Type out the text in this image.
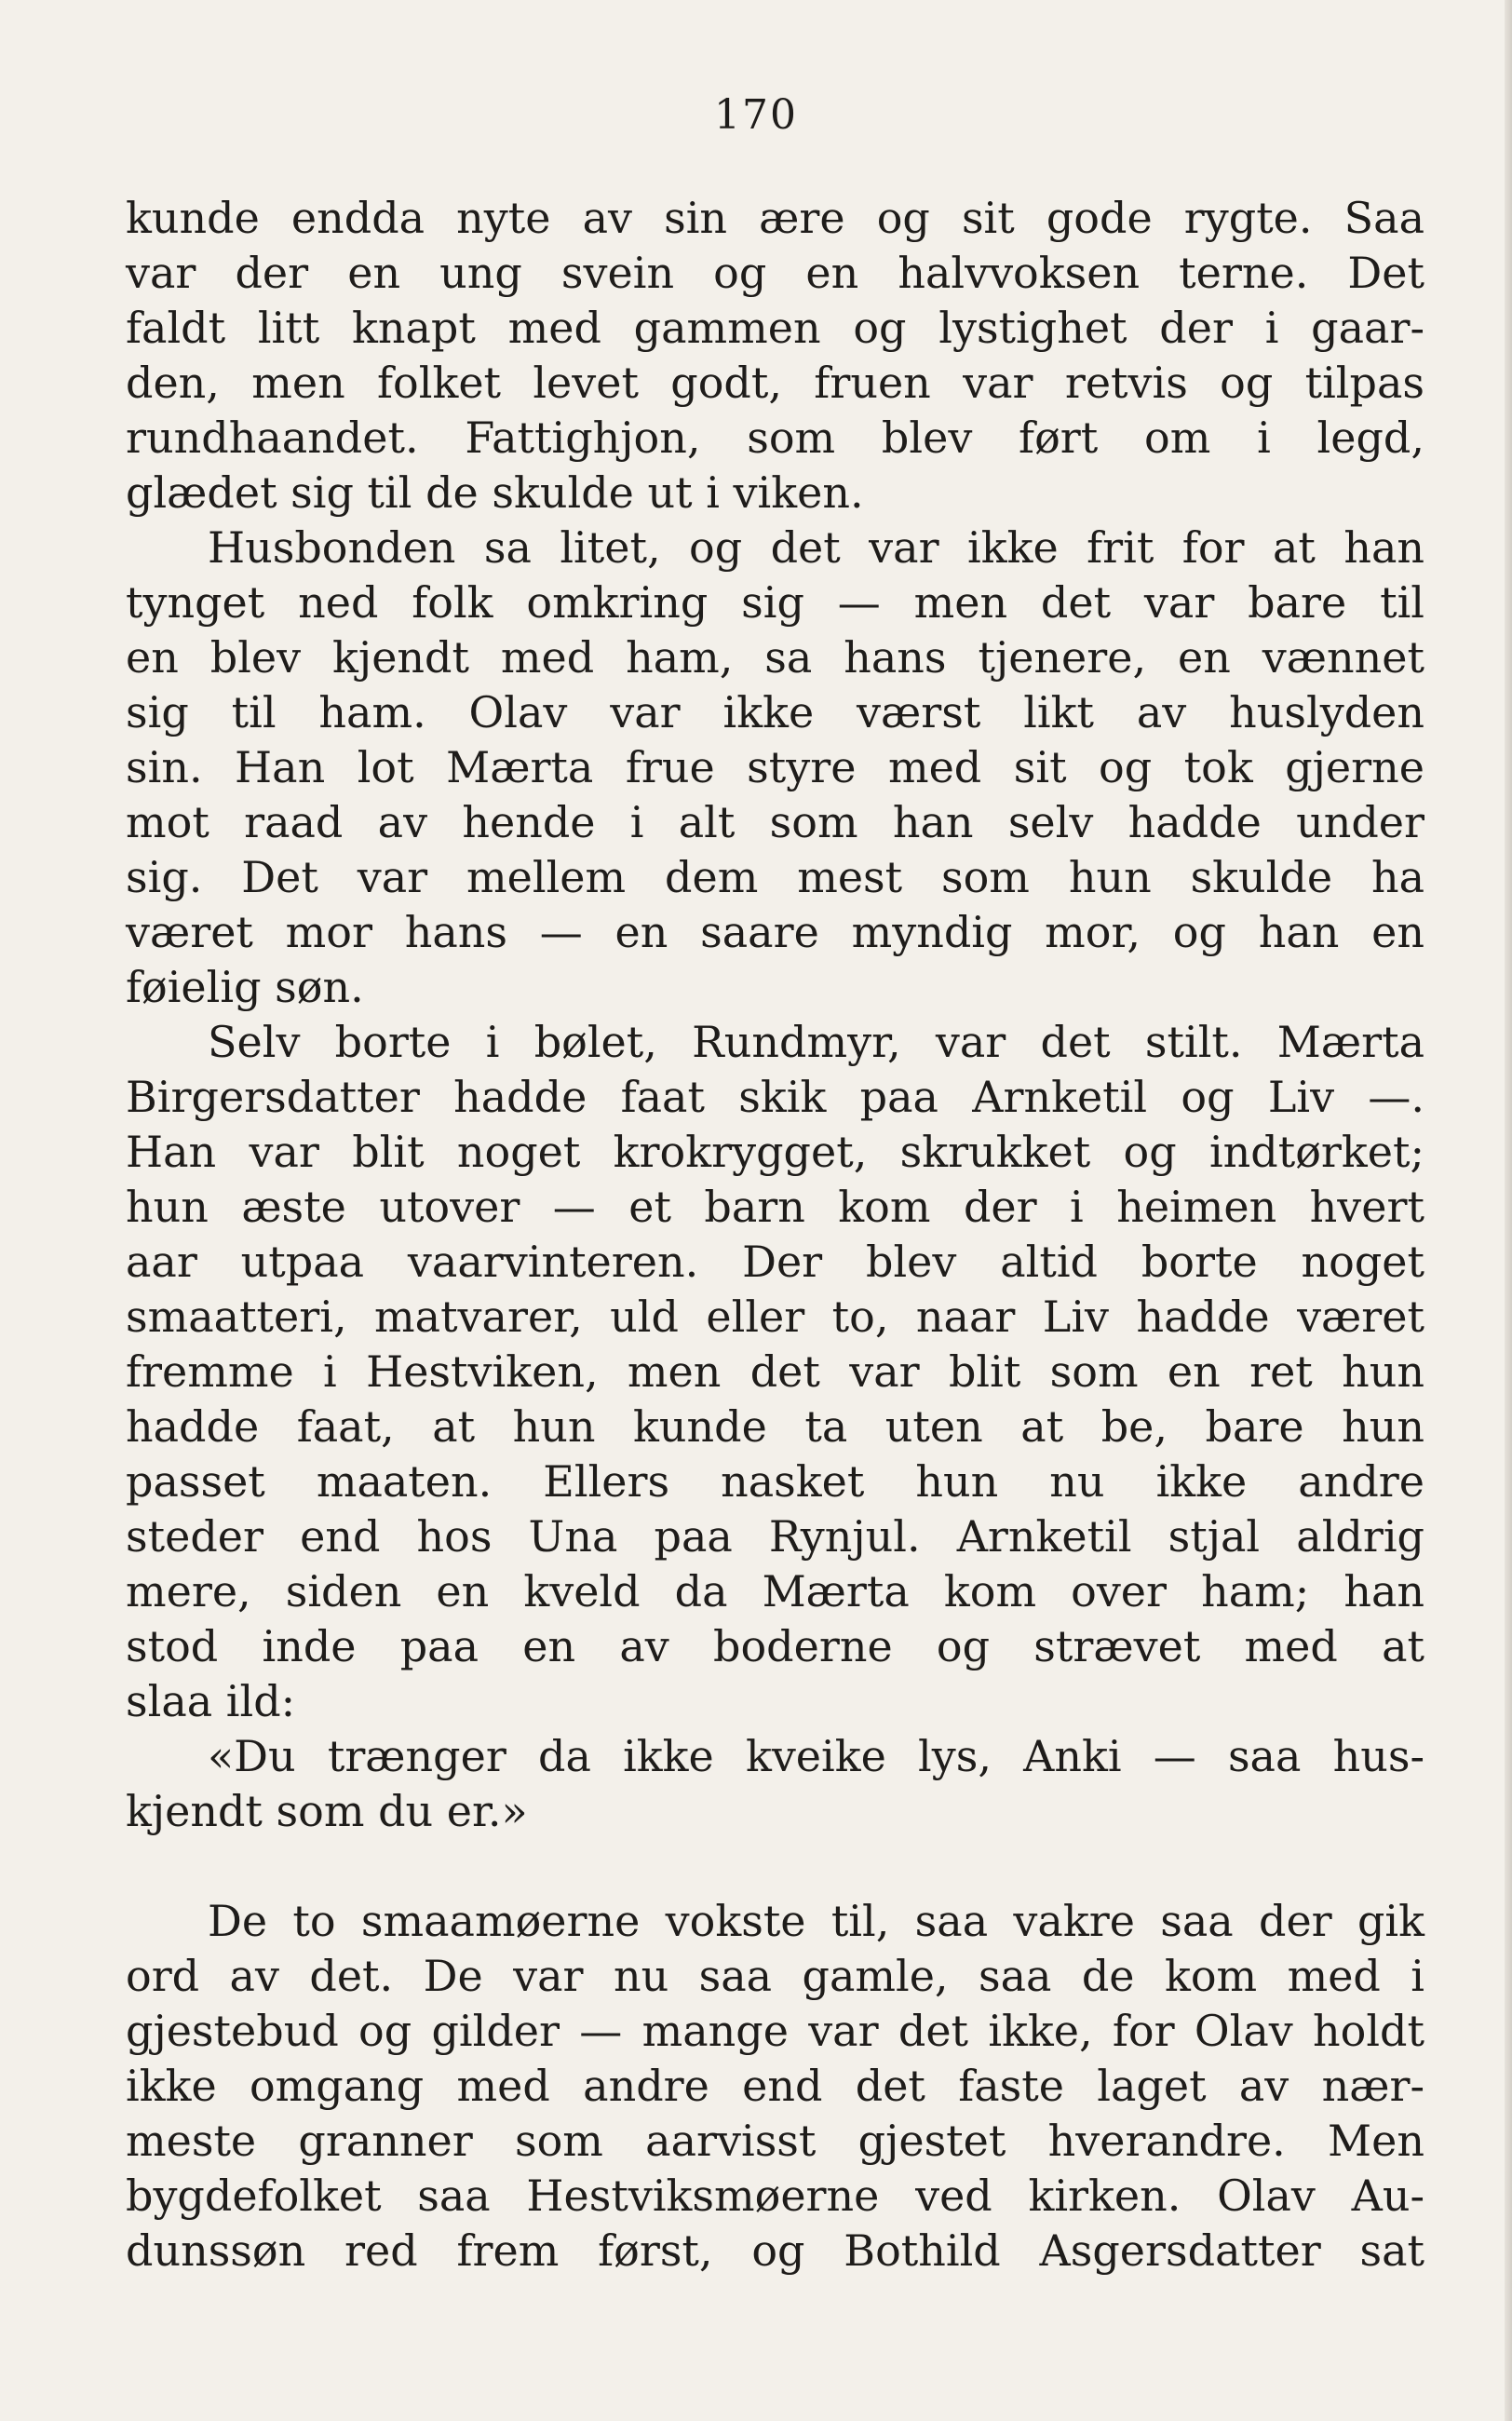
170
kunde endda nyte av sin ære og sit gode rygte. Saa
var der en ung svein og en halvvoksen terne. Det
faldt litt knapt med gammen og lystighet der i gaar-
den, men folket levet godt, fruen var retvis og tilpas
rundhaandet. Fattighjon, som blev ført om i legd,
glædet sig til de skulde ut i viken.
Husbonden sa litet, og det var ikke frit for at han
tynget ned folk omkring sig — men det var bare til
en blev kjendt med ham, sa hans tjenere, en vænnet
sig til ham. Olav var ikke værst likt av huslyden
sin. Han lot Mærta frue styre med sit og tok gjerne
mot raad av hende i alt som han selv hadde under
sig. Det var mellem dem mest som hun skulde ha
været mor hans — en saare myndig mor, og han en
føielig søn.
Selv borte i bølet, Rundmyr, var det stilt. Mærta
Birgersdatter hadde faat skik paa Arnketil og Liv —.
Han var blit noget krokrygget, skrukket og indtørket;
hun æste utover — et barn kom der i heimen hvert
aar utpaa vaarvinteren. Der blev altid borte noget
smaatteri, matvarer, uld eller to, naar Liv hadde været
fremme i Hestviken, men det var blit som en ret hun
hadde faat, at hun kunde ta uten at be, bare hun
passet maaten. Ellers nasket hun nu ikke andre
steder end hos Una paa Rynjul. Arnketil stjal aldrig
mere, siden en kveld da Mærta kom over ham; han
stod inde paa en av boderne og strævet med at
slaa ild:
«Du trænger da ikke kveike lys, Anki — saa hus-
kjendt som du er.»
De to smaamøerne vokste til, saa vakre saa der gik
ord av det. De var nu saa gamle, saa de kom med i
gjestebud og gilder — mange var det ikke, for Olav holdt
ikke omgang med andre end det faste laget av nær-
meste granner som aarvisst gjestet hverandre. Men
bygdefolket saa Hestviksmøerne ved kirken. Olav Au-
dunssøn red frem først, og Bothild Asgersdatter sat
